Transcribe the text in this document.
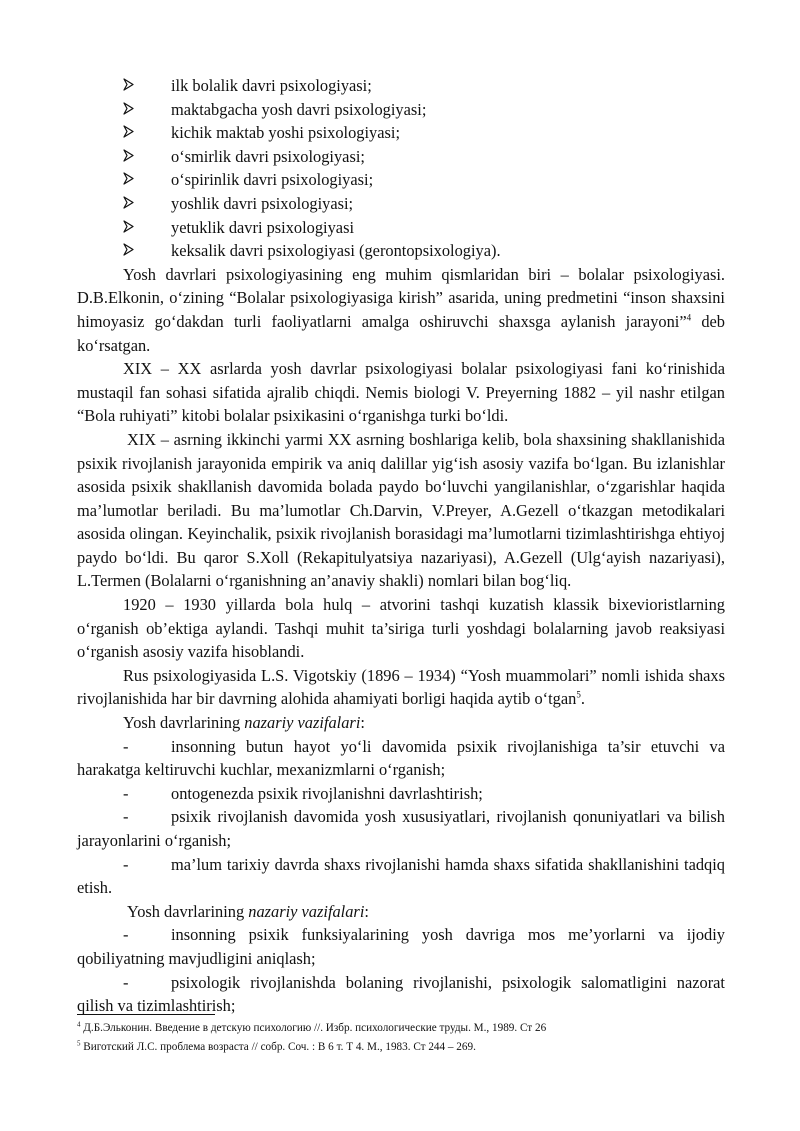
ilk bolalik davri psixologiyasi;
maktabgacha yosh davri psixologiyasi;
kichik maktab yoshi psixologiyasi;
o‘smirlik davri psixologiyasi;
o‘spirinlik davri psixologiyasi;
yoshlik davri psixologiyasi;
yetuklik davri psixologiyasi
keksalik davri psixologiyasi (gerontopsixologiya).

Yosh davrlari psixologiyasining eng muhim qismlaridan biri – bolalar psixologiyasi. D.B.Elkonin, o‘zining “Bolalar psixologiyasiga kirish” asarida, uning predmetini “inson shaxsini himoyasiz go‘dakdan turli faoliyatlarni amalga oshiruvchi shaxsga aylanish jarayoni”$^4$ deb ko‘rsatgan.

XIX – XX asrlarda yosh davrlar psixologiyasi bolalar psixologiyasi fani ko‘rinishida mustaqil fan sohasi sifatida ajralib chiqdi. Nemis biologi V. Preyerning 1882 – yil nashr etilgan “Bola ruhiyati” kitobi bolalar psixikasini o‘rganishga turki bo‘ldi.

XIX – asrning ikkinchi yarmi XX asrning boshlariga kelib, bola shaxsining shakllanishida psixik rivojlanish jarayonida empirik va aniq dalillar yig‘ish asosiy vazifa bo‘lgan. Bu izlanishlar asosida psixik shakllanish davomida bolada paydo bo‘luvchi yangilanishlar, o‘zgarishlar haqida ma’lumotlar beriladi. Bu ma’lumotlar Ch.Darvin, V.Preyer, A.Gezell o‘tkazgan metodikalari asosida olingan. Keyinchalik, psixik rivojlanish borasidagi ma’lumotlarni tizimlashtirishga ehtiyoj paydo bo‘ldi. Bu qaror S.Xoll (Rekapitulyatsiya nazariyasi), A.Gezell (Ulg‘ayish nazariyasi), L.Termen (Bolalarni o‘rganishning an’anaviy shakli) nomlari bilan bog‘liq.

1920 – 1930 yillarda bola hulq – atvorini tashqi kuzatish klassik bixevioristlarning o‘rganish ob’ektiga aylandi. Tashqi muhit ta’siriga turli yoshdagi bolalarning javob reaksiyasi o‘rganish asosiy vazifa hisoblandi.

Rus psixologiyasida L.S. Vigotskiy (1896 – 1934) “Yosh muammolari” nomli ishida shaxs rivojlanishida har bir davrning alohida ahamiyati borligi haqida aytib o‘tgan$^5$.

Yosh davrlarining nazariy vazifalari:

-	insonning butun hayot yo‘li davomida psixik rivojlanishiga ta’sir etuvchi va harakatga keltiruvchi kuchlar, mexanizmlarni o‘rganish;

-	ontogenezda psixik rivojlanishni davrlashtirish;

-	psixik rivojlanish davomida yosh xususiyatlari, rivojlanish qonuniyatlari va bilish jarayonlarini o‘rganish;

-	ma’lum tarixiy davrda shaxs rivojlanishi hamda shaxs sifatida shakllanishini tadqiq etish.

Yosh davrlarining nazariy vazifalari:

-	insonning psixik funksiyalarining yosh davriga mos me’yorlarni va ijodiy qobiliyatning mavjudligini aniqlash;

-	psixologik rivojlanishda bolaning rivojlanishi, psixologik salomatligini nazorat qilish va tizimlashtirish;

$^4$ Д.Б.Эльконин. Введение в детскую психологию //. Избр. психологические труды. М., 1989. Ст 26
$^5$ Виготский Л.С. проблема возраста // собр. Соч. : В 6 т. Т 4. М., 1983. Ст 244 – 269.
